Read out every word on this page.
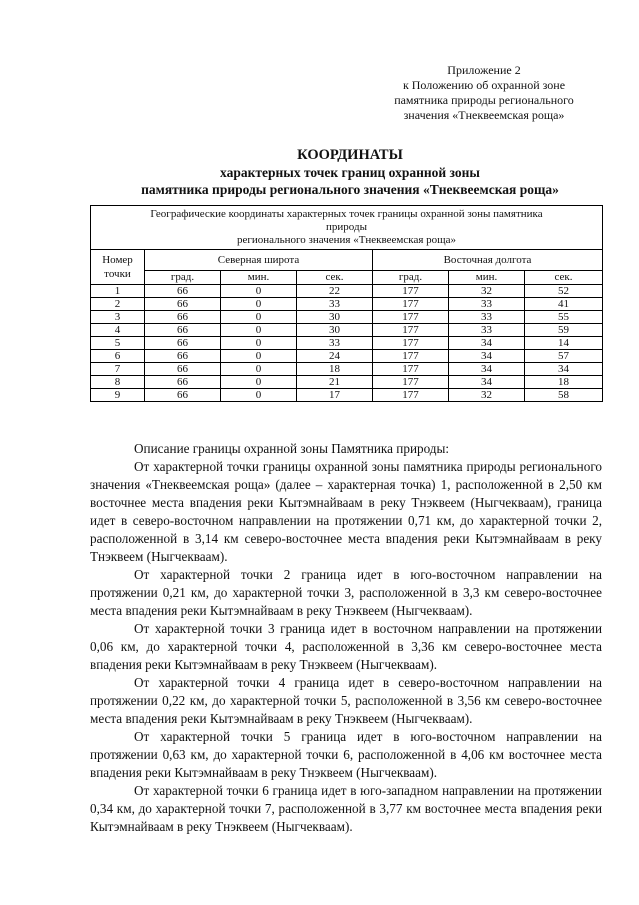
Приложение 2
к Положению об охранной зоне
памятника природы регионального
значения «Тнеквеемская роща»
КООРДИНАТЫ
характерных точек границ охранной зоны
памятника природы регионального значения «Тнеквеемская роща»
Географические координаты характерных точек границы охранной зоны памятника
природы
регионального значения «Тнеквеемская роща»						
Номер
точки	Северная широта			Восточная долгота		
	град.	мин.	сек.	град.	мин.	сек.
1	66	0	22	177	32	52
2	66	0	33	177	33	41
3	66	0	30	177	33	55
4	66	0	30	177	33	59
5	66	0	33	177	34	14
6	66	0	24	177	34	57
7	66	0	18	177	34	34
8	66	0	21	177	34	18
9	66	0	17	177	32	58

Описание границы охранной зоны Памятника природы:

От характерной точки границы охранной зоны памятника природы регионального значения «Тнеквеемская роща» (далее – характерная точка) 1, расположенной в 2,50 км восточнее места впадения реки Кытэмнайваам в реку Тнэквеем (Ныгчекваам), граница идет в северо-восточном направлении на протяжении 0,71 км, до характерной точки 2, расположенной в 3,14 км северо-восточнее места впадения реки Кытэмнайваам в реку Тнэквеем (Ныгчекваам).

От характерной точки 2 граница идет в юго-восточном направлении на протяжении 0,21 км, до характерной точки 3, расположенной в 3,3 км северо-восточнее места впадения реки Кытэмнайваам в реку Тнэквеем (Ныгчекваам).

От характерной точки 3 граница идет в восточном направлении на протяжении 0,06 км, до характерной точки 4, расположенной в 3,36 км северо-восточнее места впадения реки Кытэмнайваам в реку Тнэквеем (Ныгчекваам).

От характерной точки 4 граница идет в северо-восточном направлении на протяжении 0,22 км, до характерной точки 5, расположенной в 3,56 км северо-восточнее места впадения реки Кытэмнайваам в реку Тнэквеем (Ныгчекваам).

От характерной точки 5 граница идет в юго-восточном направлении на протяжении 0,63 км, до характерной точки 6, расположенной в 4,06 км восточнее места впадения реки Кытэмнайваам в реку Тнэквеем (Ныгчекваам).

От характерной точки 6 граница идет в юго-западном направлении на протяжении 0,34 км, до характерной точки 7, расположенной в 3,77 км восточнее места впадения реки Кытэмнайваам в реку Тнэквеем (Ныгчекваам).
